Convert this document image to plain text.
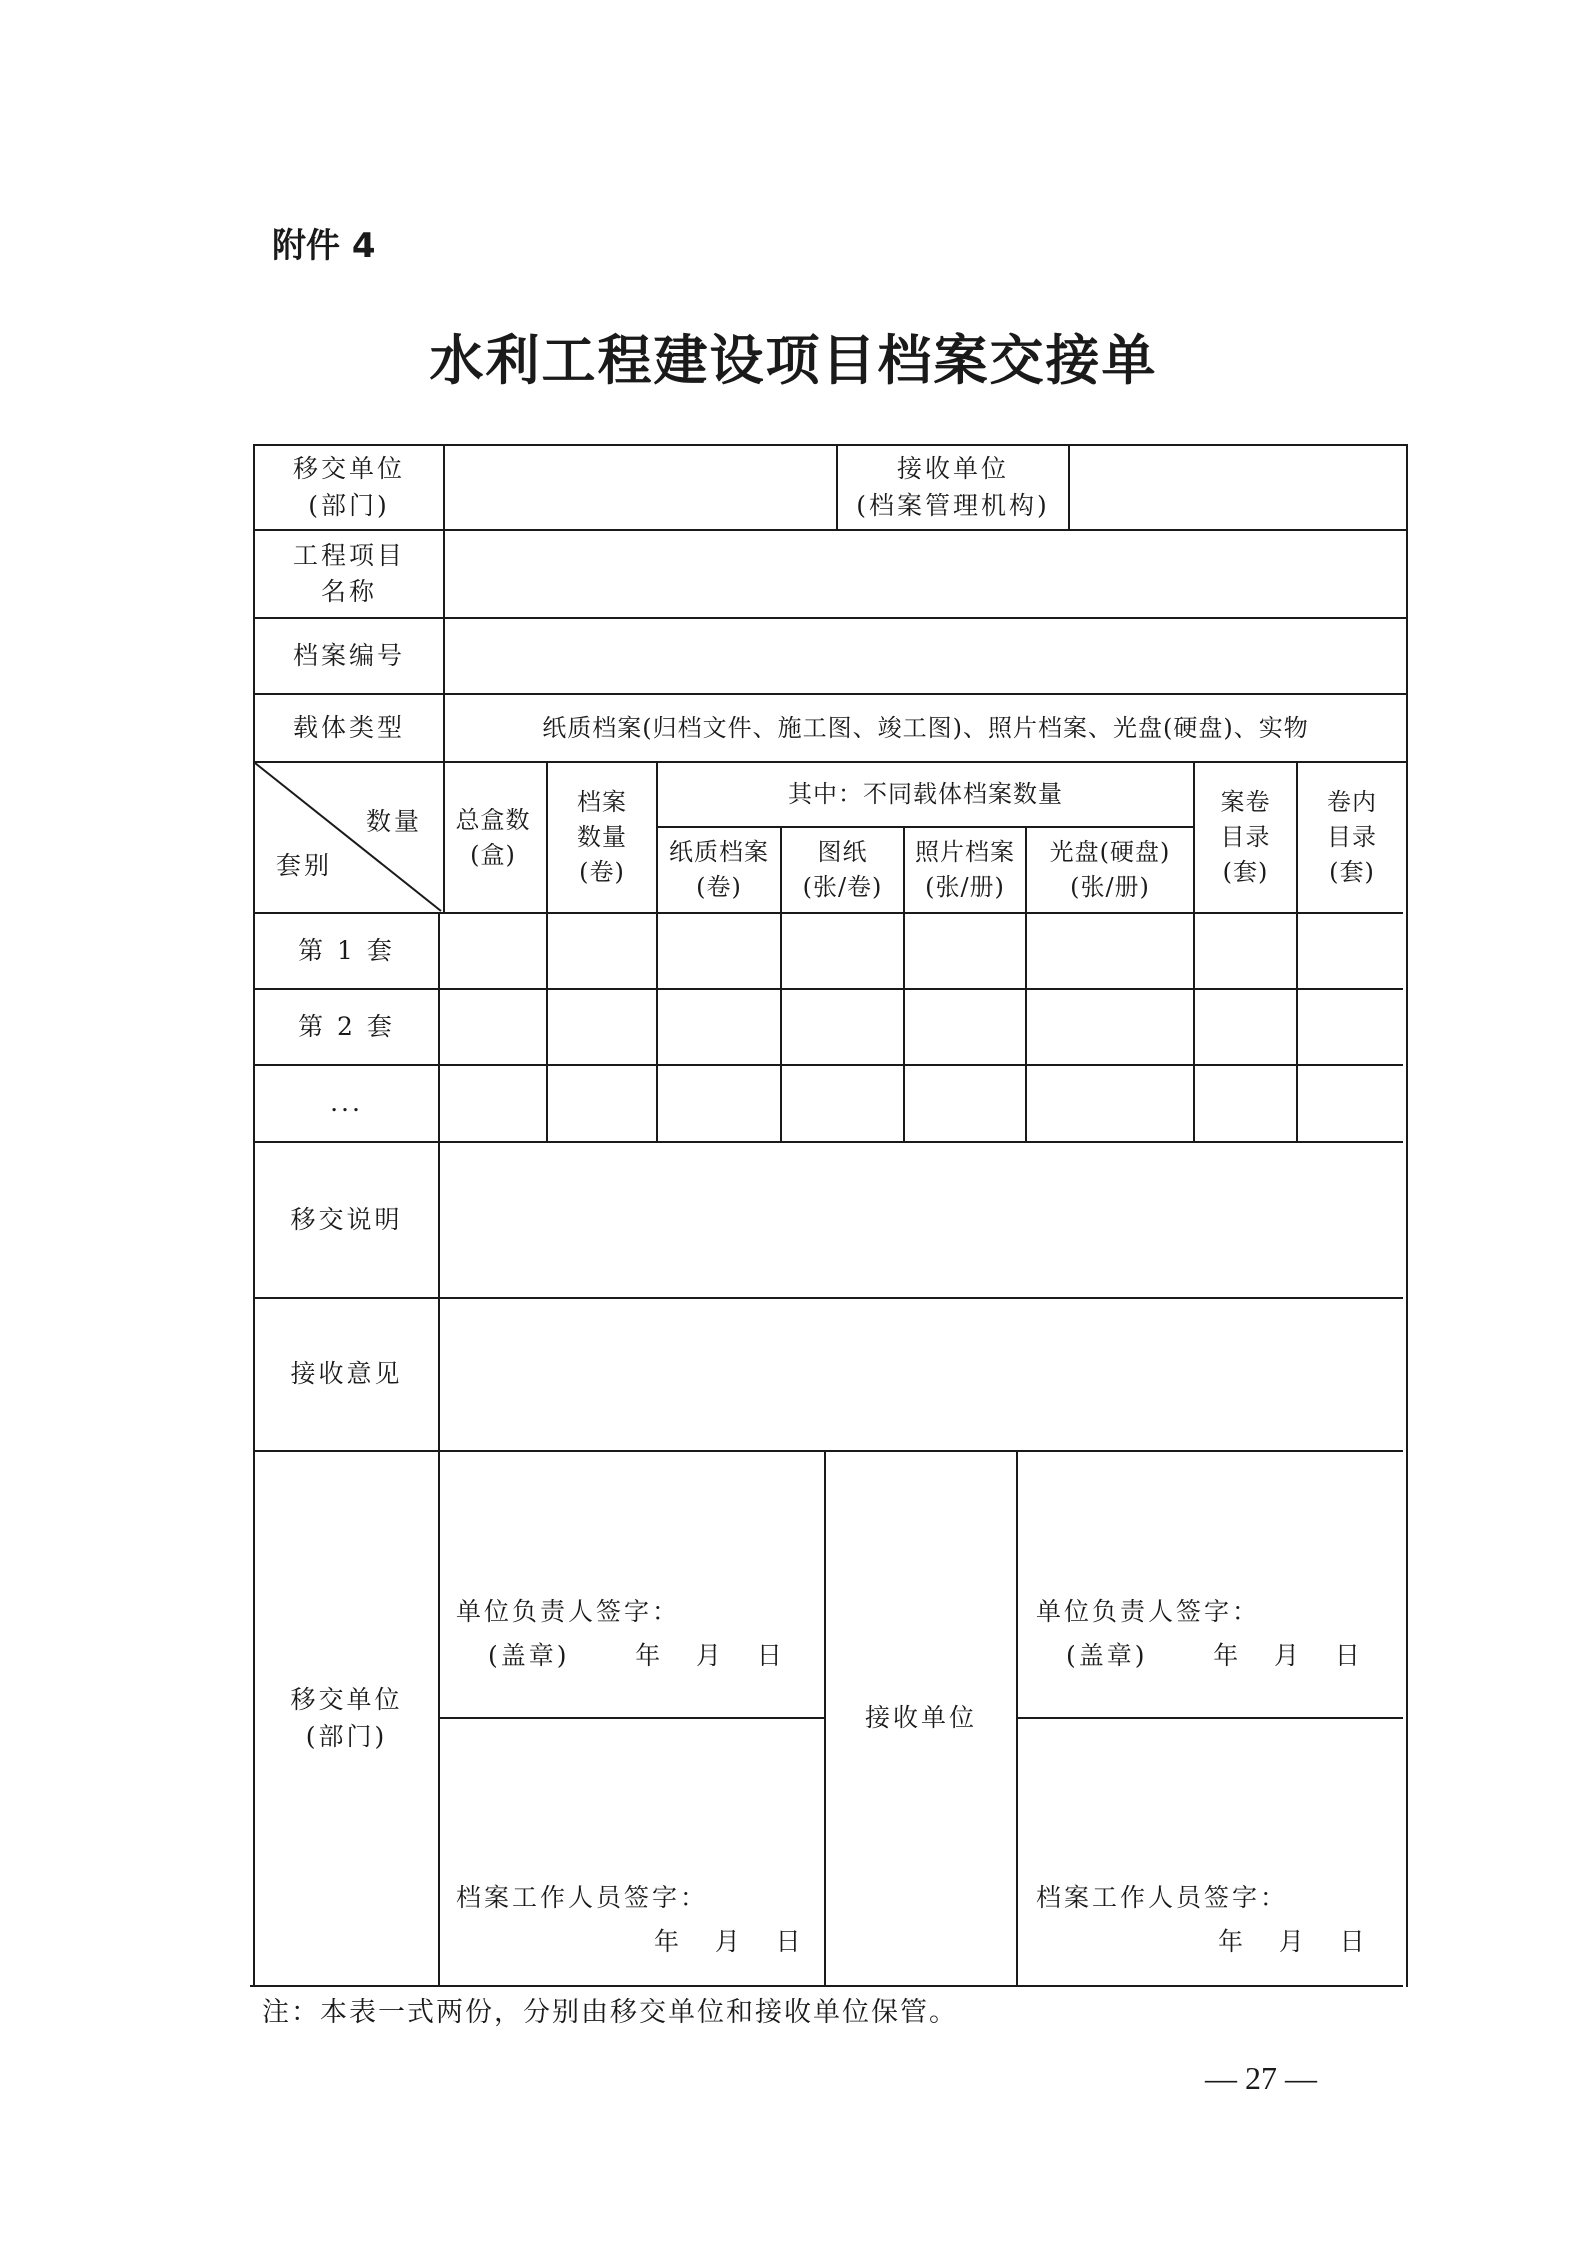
附件 4
水利工程建设项目档案交接单
移交单位
(部门)
接收单位
(档案管理机构)
工程项目
名称
档案编号
载体类型	纸质档案(归档文件、施工图、竣工图)、照片档案、光盘(硬盘)、实物
数量
套别
总盒数
(盒)
档案
数量
(卷)
其中：不同载体档案数量
纸质档案
(卷)
图纸
(张/卷)
照片档案
(张/册)
光盘(硬盘)
(张/册)
案卷
目录
(套)
卷内
目录
(套)
第 1 套
第 2 套
...
移交说明
接收意见
移交单位
(部门)
接收单位
单位负责人签字：
(盖章)      年   月   日
档案工作人员签字：
年   月   日
单位负责人签字：
(盖章)      年   月   日
档案工作人员签字：
年   月   日
注：本表一式两份，分别由移交单位和接收单位保管。
— 27 —
